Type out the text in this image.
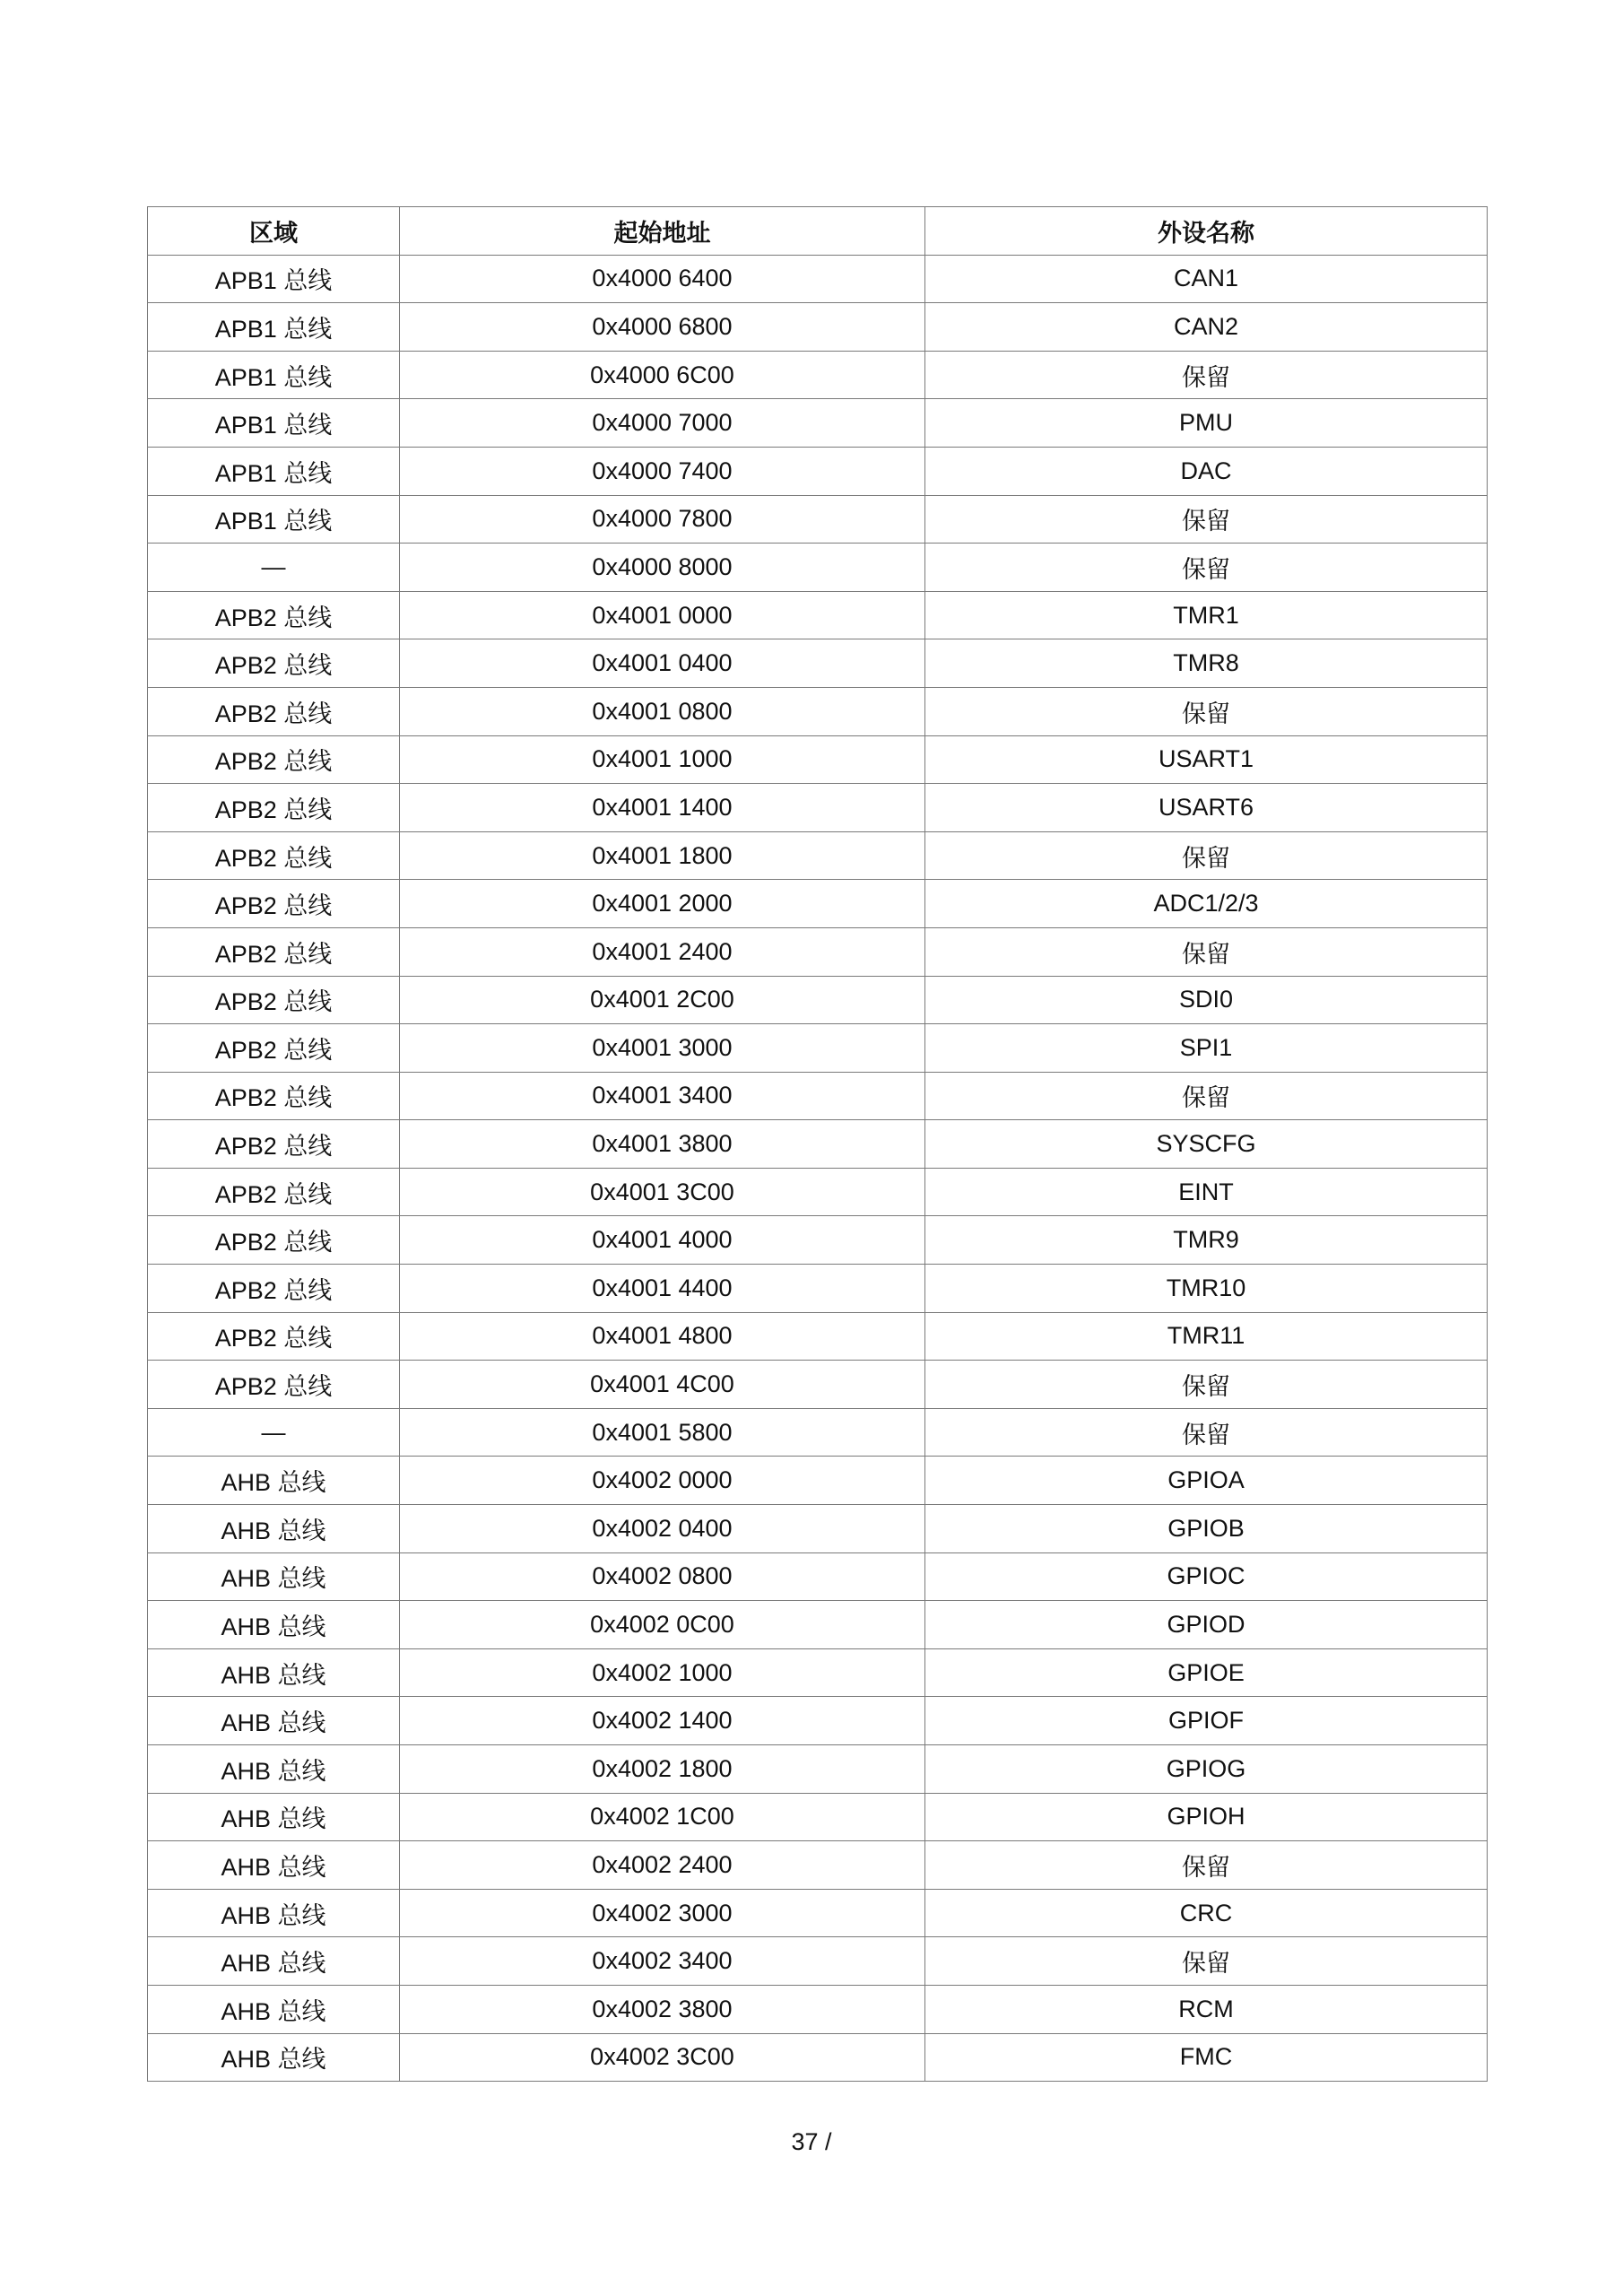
区域	起始地址	外设名称
APB1 总线	0x4000 6400	CAN1
APB1 总线	0x4000 6800	CAN2
APB1 总线	0x4000 6C00	保留
APB1 总线	0x4000 7000	PMU
APB1 总线	0x4000 7400	DAC
APB1 总线	0x4000 7800	保留
—	0x4000 8000	保留
APB2 总线	0x4001 0000	TMR1
APB2 总线	0x4001 0400	TMR8
APB2 总线	0x4001 0800	保留
APB2 总线	0x4001 1000	USART1
APB2 总线	0x4001 1400	USART6
APB2 总线	0x4001 1800	保留
APB2 总线	0x4001 2000	ADC1/2/3
APB2 总线	0x4001 2400	保留
APB2 总线	0x4001 2C00	SDI0
APB2 总线	0x4001 3000	SPI1
APB2 总线	0x4001 3400	保留
APB2 总线	0x4001 3800	SYSCFG
APB2 总线	0x4001 3C00	EINT
APB2 总线	0x4001 4000	TMR9
APB2 总线	0x4001 4400	TMR10
APB2 总线	0x4001 4800	TMR11
APB2 总线	0x4001 4C00	保留
—	0x4001 5800	保留
AHB 总线	0x4002 0000	GPIOA
AHB 总线	0x4002 0400	GPIOB
AHB 总线	0x4002 0800	GPIOC
AHB 总线	0x4002 0C00	GPIOD
AHB 总线	0x4002 1000	GPIOE
AHB 总线	0x4002 1400	GPIOF
AHB 总线	0x4002 1800	GPIOG
AHB 总线	0x4002 1C00	GPIOH
AHB 总线	0x4002 2400	保留
AHB 总线	0x4002 3000	CRC
AHB 总线	0x4002 3400	保留
AHB 总线	0x4002 3800	RCM
AHB 总线	0x4002 3C00	FMC
37 /
